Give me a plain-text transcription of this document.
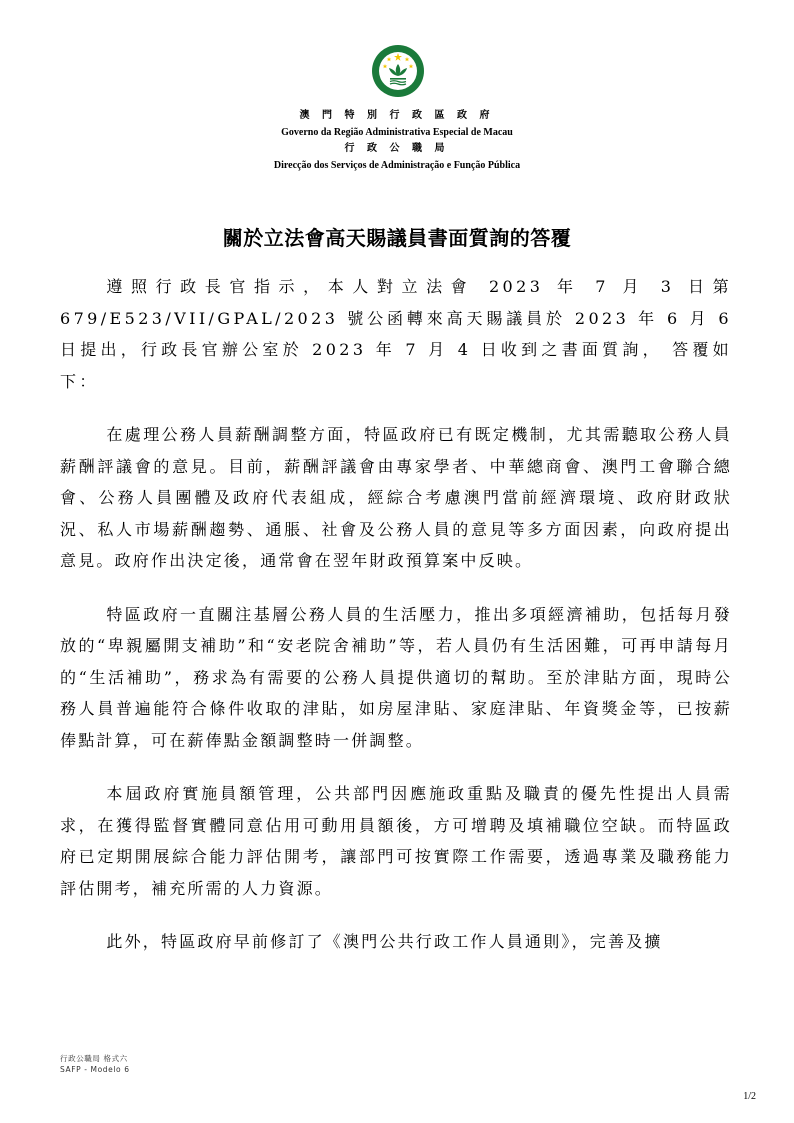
澳 門 特 別 行 政 區 政 府
Governo da Região Administrativa Especial de Macau
行 政 公 職 局
Direcção dos Serviços de Administração e Função Pública
關於立法會高天賜議員書面質詢的答覆

遵照行政長官指示，本人對立法會 2023 年 7 月 3 日第 679/E523/VII/GPAL/2023 號公函轉來高天賜議員於 2023 年 6 月 6 日提出，行政長官辦公室於 2023 年 7 月 4 日收到之書面質詢， 答覆如下：

在處理公務人員薪酬調整方面，特區政府已有既定機制，尤其需聽取公務人員薪酬評議會的意見。目前，薪酬評議會由專家學者、中華總商會、澳門工會聯合總會、公務人員團體及政府代表組成，經綜合考慮澳門當前經濟環境、政府財政狀況、私人市場薪酬趨勢、通脹、社會及公務人員的意見等多方面因素，向政府提出意見。政府作出決定後，通常會在翌年財政預算案中反映。

特區政府一直關注基層公務人員的生活壓力，推出多項經濟補助，包括每月發放的“卑親屬開支補助”和“安老院舍補助”等，若人員仍有生活困難，可再申請每月的“生活補助”，務求為有需要的公務人員提供適切的幫助。至於津貼方面，現時公務人員普遍能符合條件收取的津貼，如房屋津貼、家庭津貼、年資獎金等，已按薪俸點計算，可在薪俸點金額調整時一併調整。

本屆政府實施員額管理，公共部門因應施政重點及職責的優先性提出人員需求，在獲得監督實體同意佔用可動用員額後，方可增聘及填補職位空缺。而特區政府已定期開展綜合能力評估開考，讓部門可按實際工作需要，透過專業及職務能力評估開考，補充所需的人力資源。

此外，特區政府早前修訂了《澳門公共行政工作人員通則》，完善及擴

行政公職局 格式六
SAFP - Modelo 6
1/2
